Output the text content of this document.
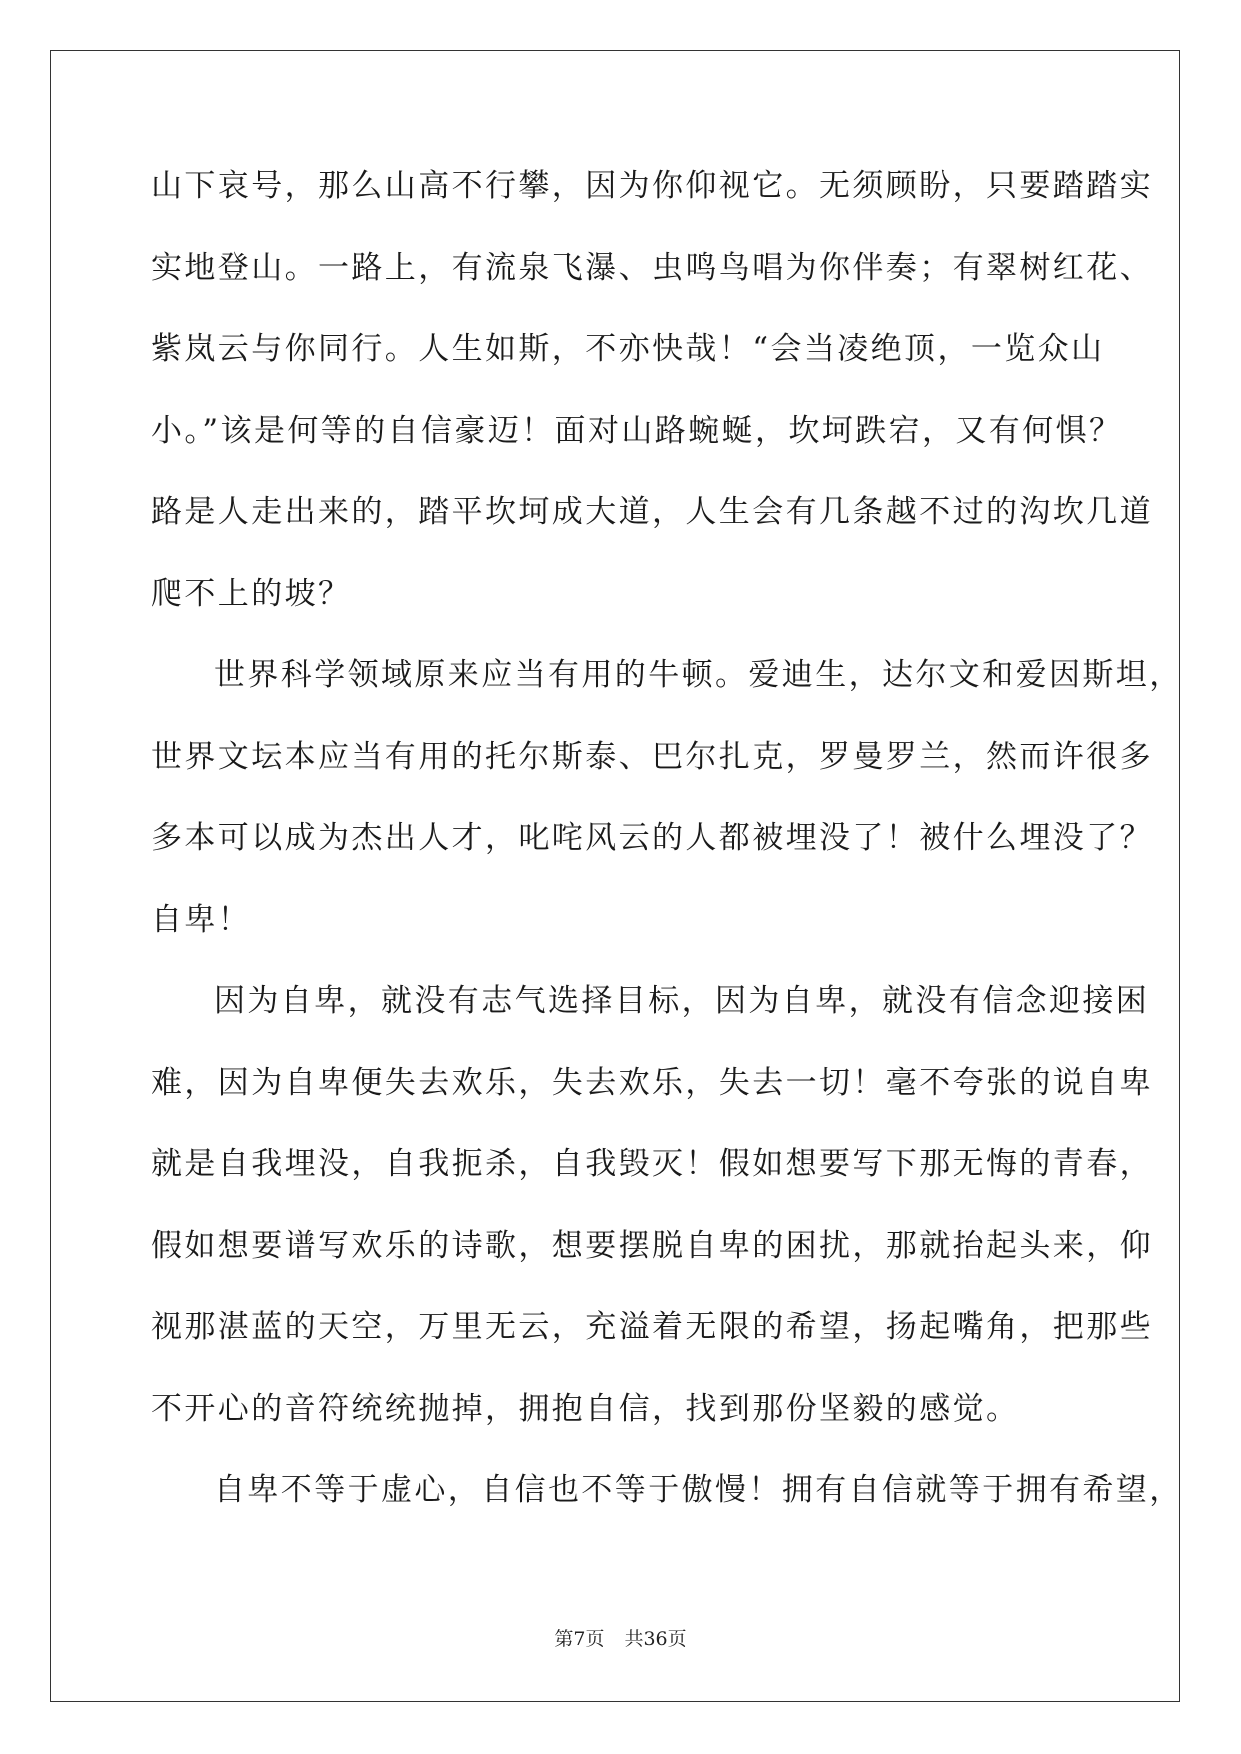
山下哀号，那么山高不行攀，因为你仰视它。无须顾盼，只要踏踏实
实地登山。一路上，有流泉飞瀑、虫鸣鸟唱为你伴奏；有翠树红花、
紫岚云与你同行。人生如斯，不亦快哉！“会当凌绝顶，一览众山
小。”该是何等的自信豪迈！面对山路蜿蜒，坎坷跌宕，又有何惧？
路是人走出来的，踏平坎坷成大道，人生会有几条越不过的沟坎几道
爬不上的坡？
世界科学领域原来应当有用的牛顿。爱迪生，达尔文和爱因斯坦，
世界文坛本应当有用的托尔斯泰、巴尔扎克，罗曼罗兰，然而许很多
多本可以成为杰出人才，叱咤风云的人都被埋没了！被什么埋没了？
自卑！
因为自卑，就没有志气选择目标，因为自卑，就没有信念迎接困
难，因为自卑便失去欢乐，失去欢乐，失去一切！毫不夸张的说自卑
就是自我埋没，自我扼杀，自我毁灭！假如想要写下那无悔的青春，
假如想要谱写欢乐的诗歌，想要摆脱自卑的困扰，那就抬起头来，仰
视那湛蓝的天空，万里无云，充溢着无限的希望，扬起嘴角，把那些
不开心的音符统统抛掉，拥抱自信，找到那份坚毅的感觉。
自卑不等于虚心，自信也不等于傲慢！拥有自信就等于拥有希望，
第7页 共36页
